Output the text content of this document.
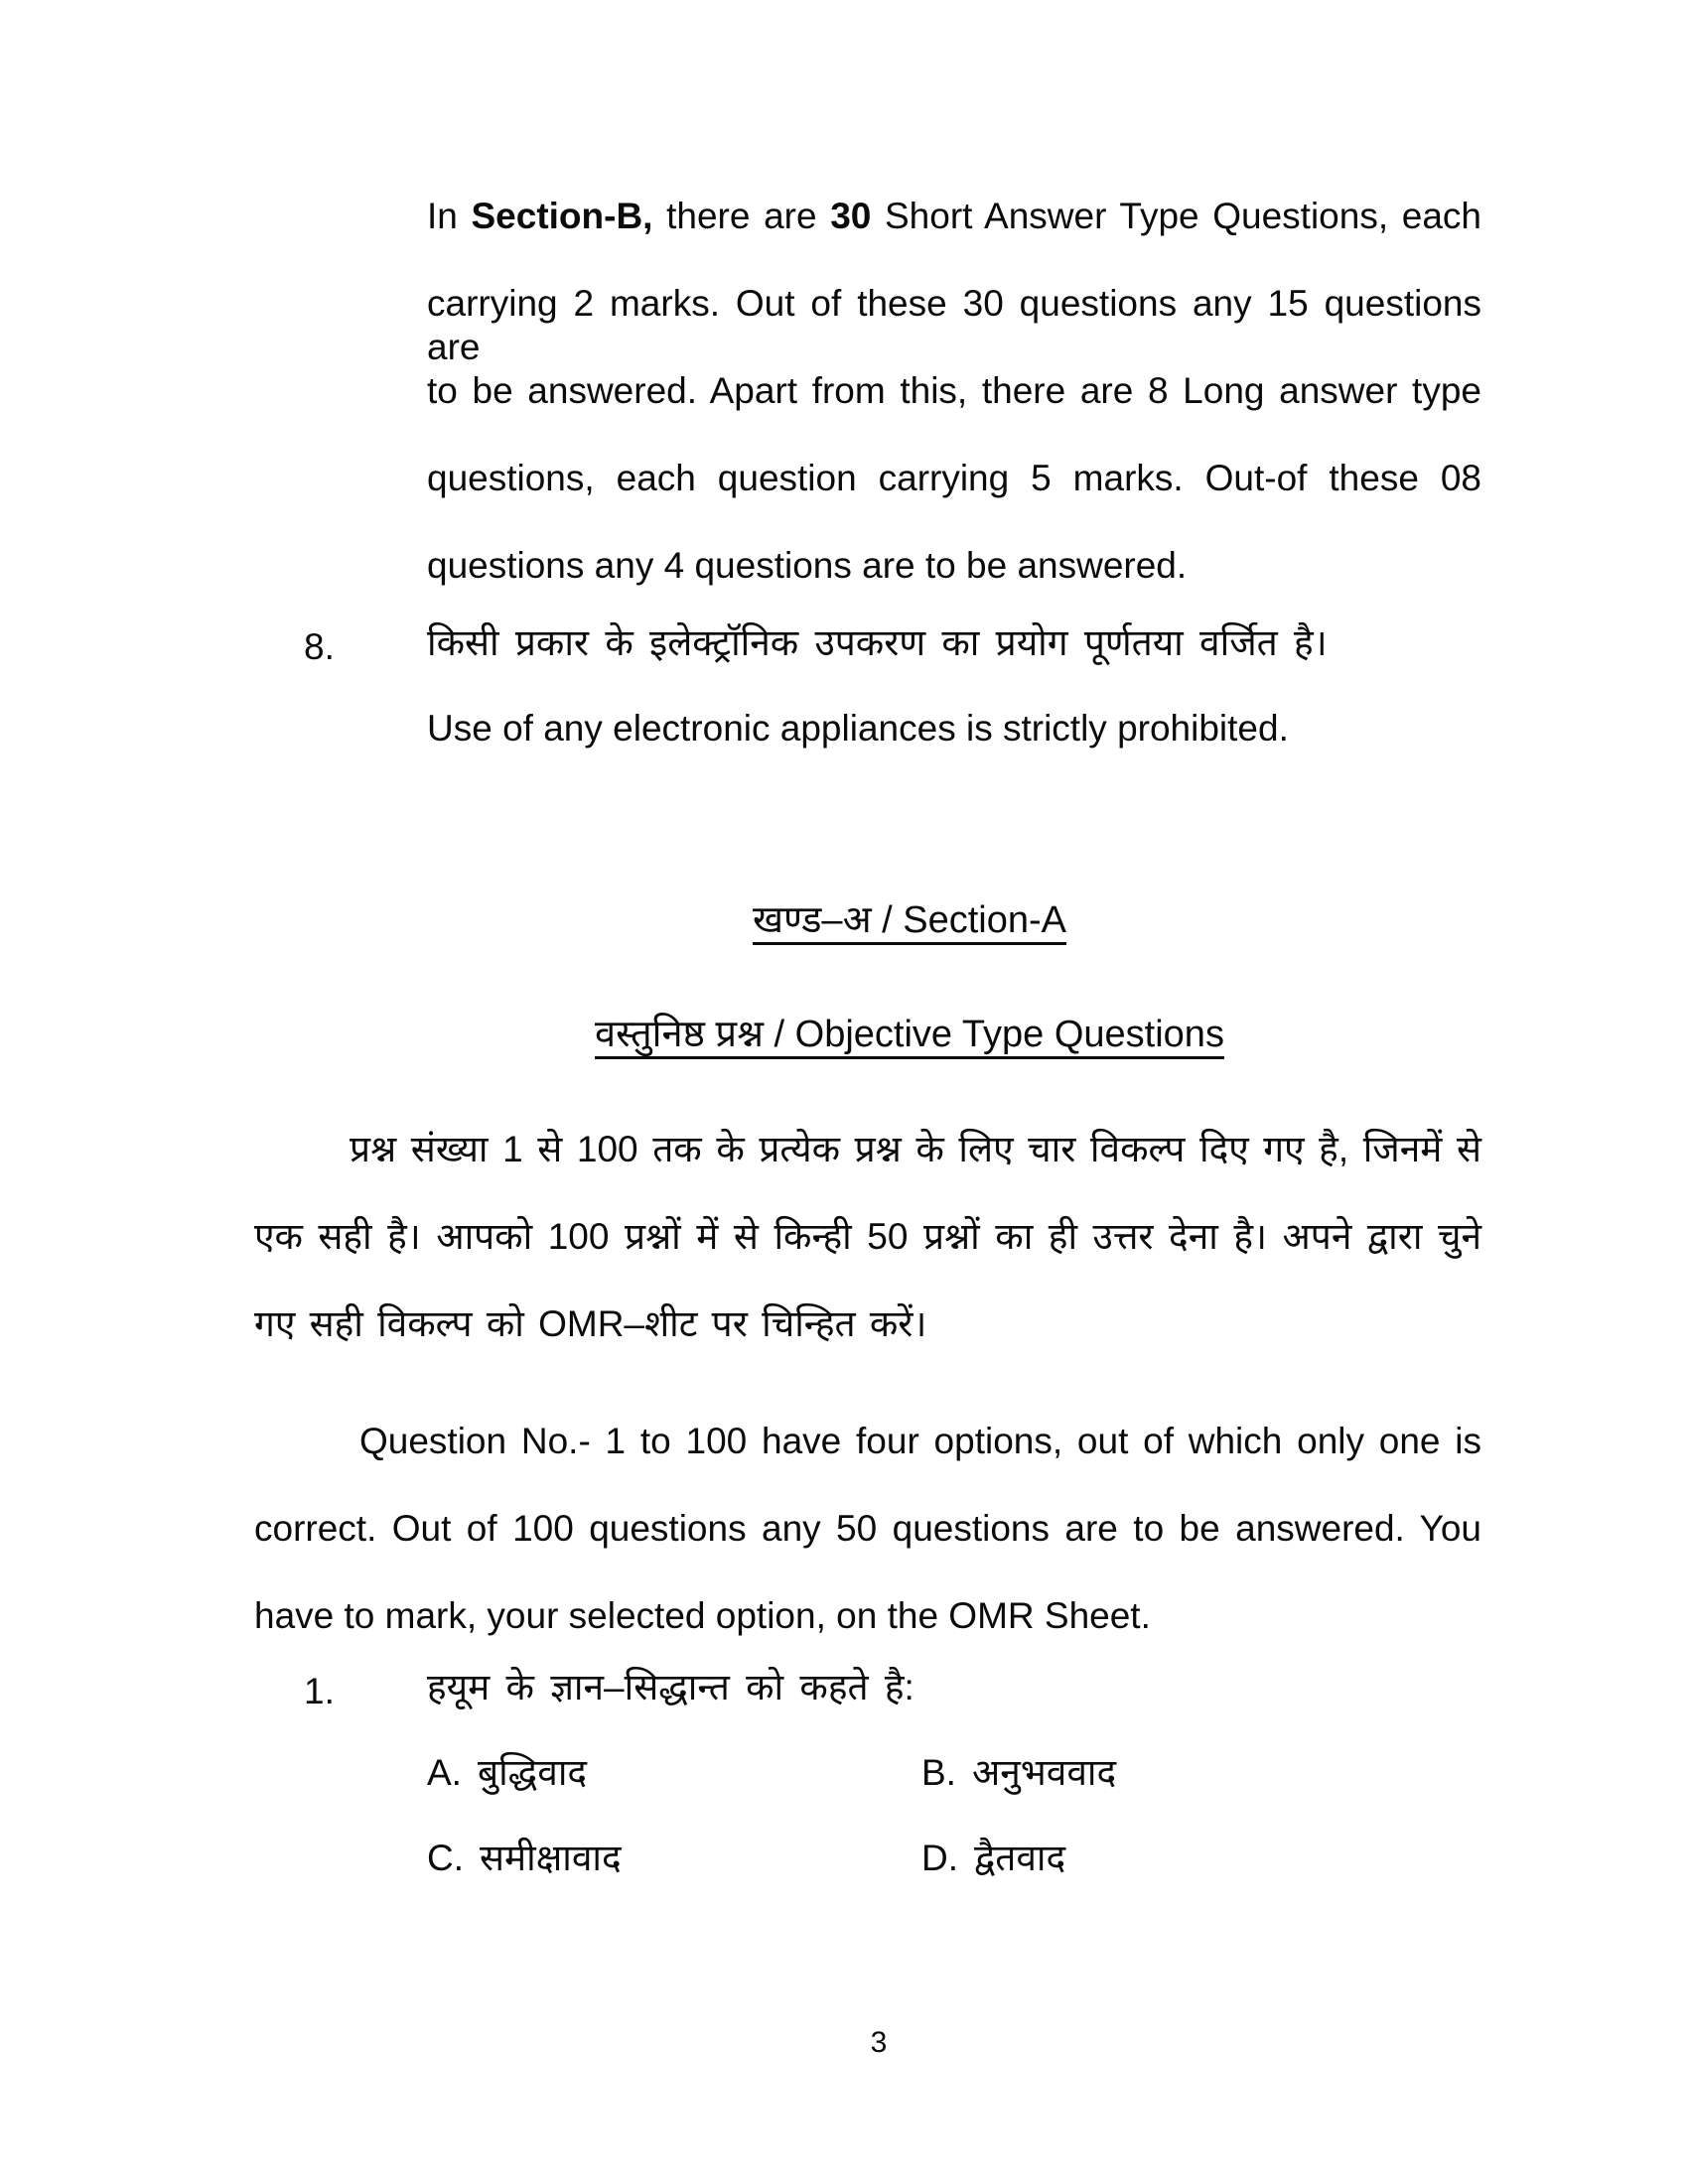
In Section-B, there are 30 Short Answer Type Questions, each
carrying 2 marks. Out of these 30 questions any 15 questions are
to be answered. Apart from this, there are 8 Long answer type
questions, each question carrying 5 marks. Out-of these 08
questions any 4 questions are to be answered.
8.	किसी प्रकार के इलेक्ट्रॉनिक उपकरण का प्रयोग पूर्णतया वर्जित है।
Use of any electronic appliances is strictly prohibited.
खण्ड–अ / Section-A
वस्तुनिष्ठ प्रश्न / Objective Type Questions
प्रश्न संख्या 1 से 100 तक के प्रत्येक प्रश्न के लिए चार विकल्प दिए गए है, जिनमें से
एक सही है। आपको 100 प्रश्नों में से किन्ही 50 प्रश्नों का ही उत्तर देना है। अपने द्वारा चुने
गए सही विकल्प को OMR–शीट पर चिन्हित करें।
Question No.- 1 to 100 have four options, out of which only one is
correct. Out of 100 questions any 50 questions are to be answered. You
have to mark, your selected option, on the OMR Sheet.
1.	हयूम के ज्ञान–सिद्धान्त को कहते है:
A. बुद्धिवाद	B. अनुभववाद
C. समीक्षावाद	D. द्वैतवाद
3
